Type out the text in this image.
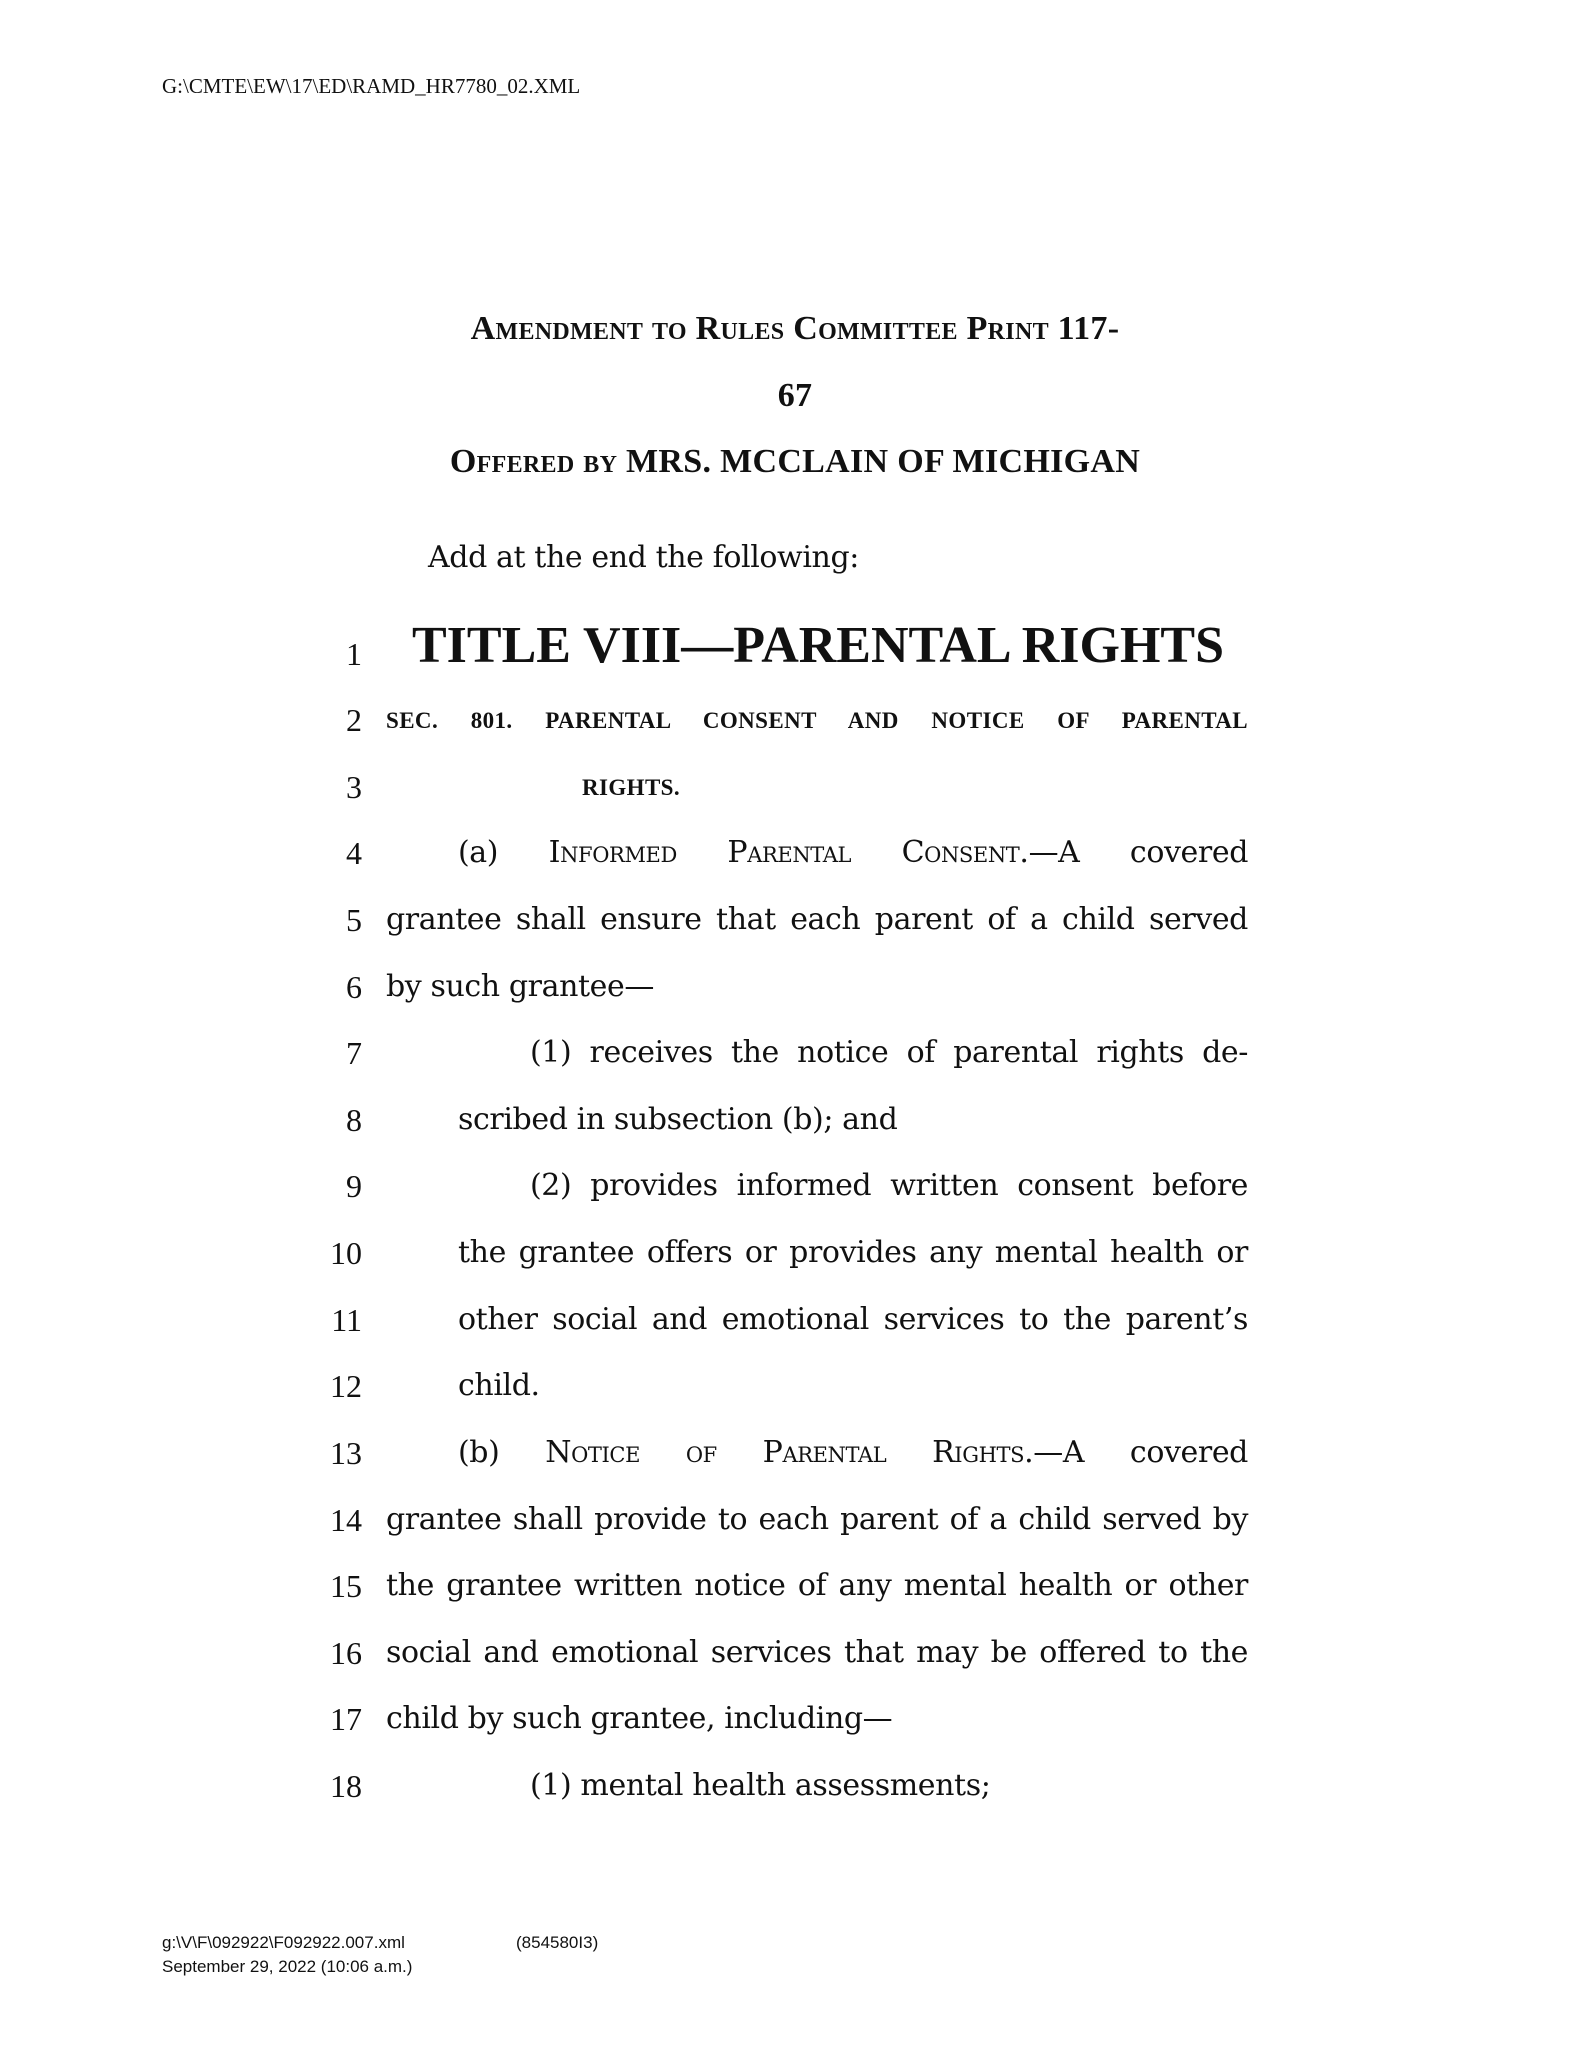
G:\CMTE\EW\17\ED\RAMD_HR7780_02.XML
Amendment to Rules Committee Print 117-
67
Offered by MRS. MCCLAIN OF MICHIGAN
Add at the end the following:
1 TITLE VIII—PARENTAL RIGHTS
2 SEC. 801. PARENTAL CONSENT AND NOTICE OF PARENTAL
3	RIGHTS.
4	(a) Informed Parental Consent.—A covered
5 grantee shall ensure that each parent of a child served
6 by such grantee—
7	(1) receives the notice of parental rights de-
8	scribed in subsection (b); and
9	(2) provides informed written consent before
10	the grantee offers or provides any mental health or
11	other social and emotional services to the parent’s
12	child.
13	(b) Notice of Parental Rights.—A covered
14 grantee shall provide to each parent of a child served by
15 the grantee written notice of any mental health or other
16 social and emotional services that may be offered to the
17 child by such grantee, including—
18	(1) mental health assessments;
g:\V\F\092922\F092922.007.xml	(854580I3)
September 29, 2022 (10:06 a.m.)
